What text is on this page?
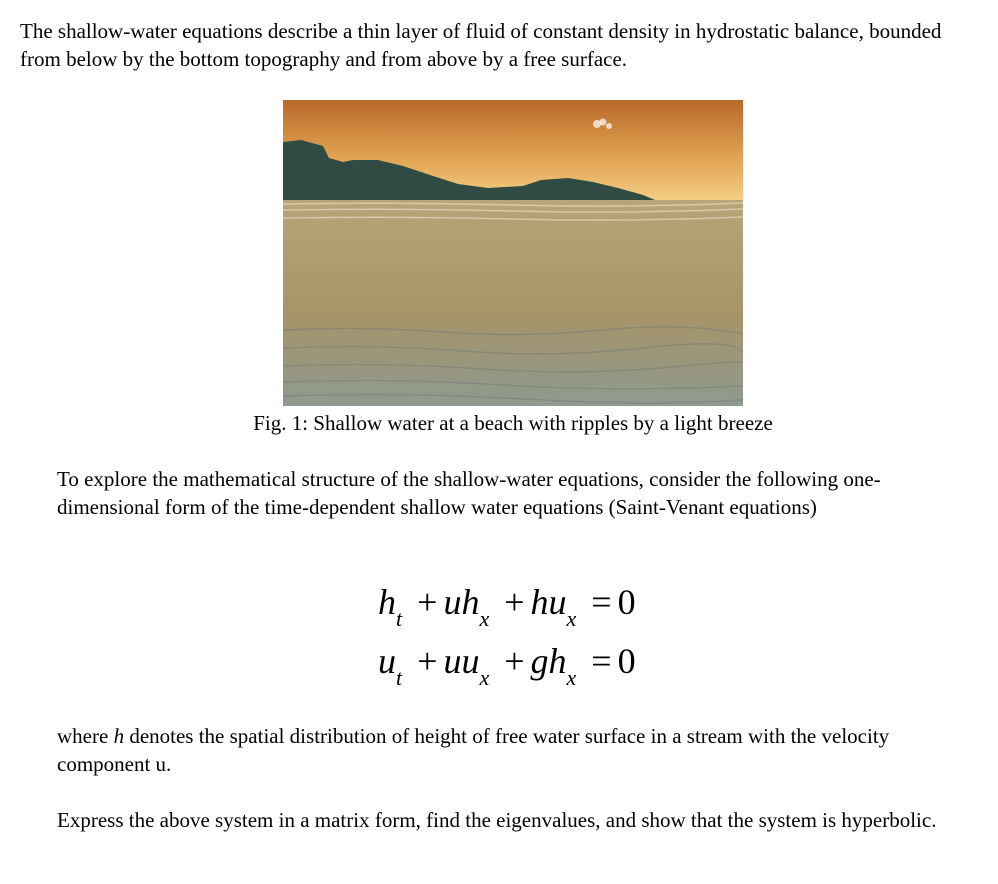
The shallow-water equations describe a thin layer of fluid of constant density in hydrostatic balance, bounded from below by the bottom topography and from above by a free surface.

Fig. 1: Shallow water at a beach with ripples by a light breeze

To explore the mathematical structure of the shallow-water equations, consider the following one-dimensional form of the time-dependent shallow water equations (Saint-Venant equations)

$h_t + uh_x + hu_x = 0$
$u_t + uu_x + gh_x = 0$

where h denotes the spatial distribution of height of free water surface in a stream with the velocity component u.

Express the above system in a matrix form, find the eigenvalues, and show that the system is hyperbolic.
